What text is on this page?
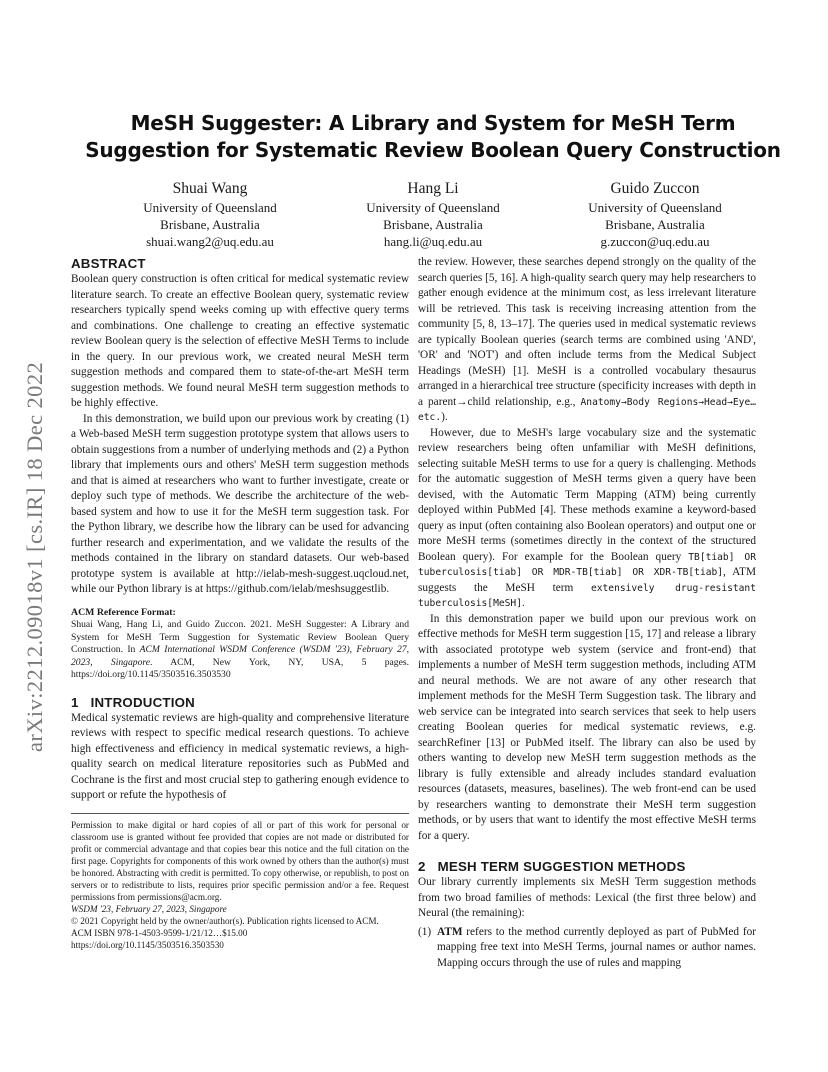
arXiv:2212.09018v1 [cs.IR] 18 Dec 2022
MeSH Suggester: A Library and System for MeSH Term
Suggestion for Systematic Review Boolean Query Construction
Shuai Wang
University of Queensland
Brisbane, Australia
shuai.wang2@uq.edu.au
Hang Li
University of Queensland
Brisbane, Australia
hang.li@uq.edu.au
Guido Zuccon
University of Queensland
Brisbane, Australia
g.zuccon@uq.edu.au
ABSTRACT

Boolean query construction is often critical for medical systematic review literature search. To create an effective Boolean query, systematic review researchers typically spend weeks coming up with effective query terms and combinations. One challenge to creating an effective systematic review Boolean query is the selection of effective MeSH Terms to include in the query. In our previous work, we created neural MeSH term suggestion methods and compared them to state-of-the-art MeSH term suggestion methods. We found neural MeSH term suggestion methods to be highly effective.

In this demonstration, we build upon our previous work by creating (1) a Web-based MeSH term suggestion prototype system that allows users to obtain suggestions from a number of underlying methods and (2) a Python library that implements ours and others' MeSH term suggestion methods and that is aimed at researchers who want to further investigate, create or deploy such type of methods. We describe the architecture of the web-based system and how to use it for the MeSH term suggestion task. For the Python library, we describe how the library can be used for advancing further research and experimentation, and we validate the results of the methods contained in the library on standard datasets. Our web-based prototype system is available at http://ielab-mesh-suggest.uqcloud.net, while our Python library is at https://github.com/ielab/meshsuggestlib.

ACM Reference Format:

Shuai Wang, Hang Li, and Guido Zuccon. 2021. MeSH Suggester: A Library and System for MeSH Term Suggestion for Systematic Review Boolean Query Construction. In ACM International WSDM Conference (WSDM '23), February 27, 2023, Singapore. ACM, New York, NY, USA, 5 pages. https://doi.org/10.1145/3503516.3503530

1 INTRODUCTION

Medical systematic reviews are high-quality and comprehensive literature reviews with respect to specific medical research questions. To achieve high effectiveness and efficiency in medical systematic reviews, a high-quality search on medical literature repositories such as PubMed and Cochrane is the first and most crucial step to gathering enough evidence to support or refute the hypothesis of

Permission to make digital or hard copies of all or part of this work for personal or classroom use is granted without fee provided that copies are not made or distributed for profit or commercial advantage and that copies bear this notice and the full citation on the first page. Copyrights for components of this work owned by others than the author(s) must be honored. Abstracting with credit is permitted. To copy otherwise, or republish, to post on servers or to redistribute to lists, requires prior specific permission and/or a fee. Request permissions from permissions@acm.org.

WSDM '23, February 27, 2023, Singapore

© 2021 Copyright held by the owner/author(s). Publication rights licensed to ACM.

ACM ISBN 978-1-4503-9599-1/21/12…$15.00

https://doi.org/10.1145/3503516.3503530

the review. However, these searches depend strongly on the quality of the search queries [5, 16]. A high-quality search query may help researchers to gather enough evidence at the minimum cost, as less irrelevant literature will be retrieved. This task is receiving increasing attention from the community [5, 8, 13–17]. The queries used in medical systematic reviews are typically Boolean queries (search terms are combined using 'AND', 'OR' and 'NOT') and often include terms from the Medical Subject Headings (MeSH) [1]. MeSH is a controlled vocabulary thesaurus arranged in a hierarchical tree structure (specificity increases with depth in a parent→child relationship, e.g., Anatomy→Body Regions→Head→Eye…etc.).

However, due to MeSH's large vocabulary size and the systematic review researchers being often unfamiliar with MeSH definitions, selecting suitable MeSH terms to use for a query is challenging. Methods for the automatic suggestion of MeSH terms given a query have been devised, with the Automatic Term Mapping (ATM) being currently deployed within PubMed [4]. These methods examine a keyword-based query as input (often containing also Boolean operators) and output one or more MeSH terms (sometimes directly in the context of the structured Boolean query). For example for the Boolean query TB[tiab] OR tuberculosis[tiab] OR MDR-TB[tiab] OR XDR-TB[tiab], ATM suggests the MeSH term extensively drug-resistant tuberculosis[MeSH].

In this demonstration paper we build upon our previous work on effective methods for MeSH term suggestion [15, 17] and release a library with associated prototype web system (service and front-end) that implements a number of MeSH term suggestion methods, including ATM and neural methods. We are not aware of any other research that implement methods for the MeSH Term Suggestion task. The library and web service can be integrated into search services that seek to help users creating Boolean queries for medical systematic reviews, e.g. searchRefiner [13] or PubMed itself. The library can also be used by others wanting to develop new MeSH term suggestion methods as the library is fully extensible and already includes standard evaluation resources (datasets, measures, baselines). The web front-end can be used by researchers wanting to demonstrate their MeSH term suggestion methods, or by users that want to identify the most effective MeSH terms for a query.

2 MESH TERM SUGGESTION METHODS

Our library currently implements six MeSH Term suggestion methods from two broad families of methods: Lexical (the first three below) and Neural (the remaining):

(1) ATM refers to the method currently deployed as part of PubMed for mapping free text into MeSH Terms, journal names or author names. Mapping occurs through the use of rules and mapping
